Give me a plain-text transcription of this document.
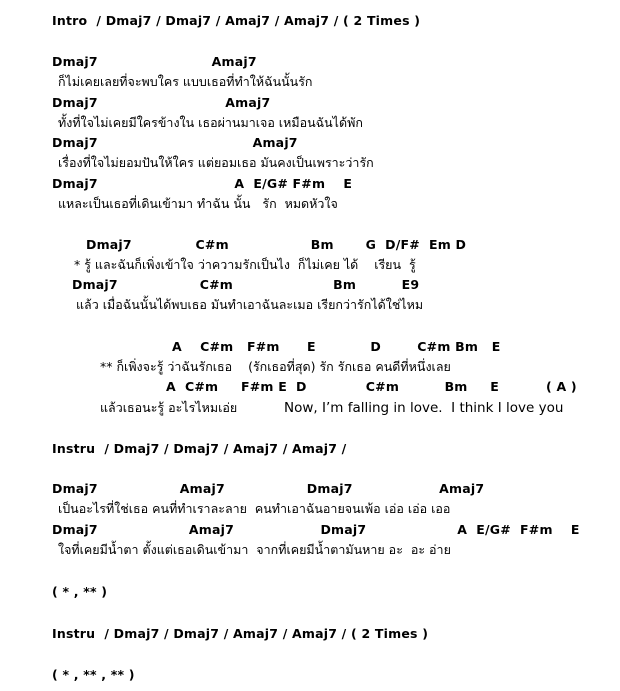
Intro  / Dmaj7 / Dmaj7 / Amaj7 / Amaj7 / ( 2 Times )
Dmaj7                         Amaj7
ก็ไม่เคยเลยที่จะพบใคร แบบเธอที่ทำให้ฉันนั้นรัก
Dmaj7                            Amaj7
ทั้งที่ใจไม่เคยมีใครข้างใน เธอผ่านมาเจอ เหมือนฉันได้พัก
Dmaj7                                  Amaj7
เรื่องที่ใจไม่ยอมปันให้ใคร แต่ยอมเธอ มันคงเป็นเพราะว่ารัก
Dmaj7                              A  E/G# F#m    E
แหละเป็นเธอที่เดินเข้ามา ทำฉัน นั้น   รัก  หมดหัวใจ
Dmaj7              C#m                  Bm       G  D/F#  Em D
* รู้ และฉันก็เพิ่งเข้าใจ ว่าความรักเป็นไง  ก็ไม่เคย ได้    เรียน  รู้
Dmaj7                  C#m                      Bm          E9
แล้ว เมื่อฉันนั้นได้พบเธอ มันทำเอาฉันละเมอ เรียกว่ารักได้ใช่ไหม
A    C#m   F#m      E            D        C#m Bm   E
** ก็เพิ่งจะรู้ ว่าฉันรักเธอ    (รักเธอที่สุด) รัก รักเธอ คนดีที่หนึ่งเลย
A  C#m     F#m E  D             C#m          Bm     E	( A )
แล้วเธอนะรู้ อะไรไหมเอ่ย	Now, I’m falling in love.  I think I love you
Instru  / Dmaj7 / Dmaj7 / Amaj7 / Amaj7 /
Dmaj7                  Amaj7                  Dmaj7                   Amaj7
เป็นอะไรที่ใช่เธอ คนที่ทำเราละลาย  คนทำเอาฉันอายจนเพ้อ เอ่อ เอ่อ เออ
Dmaj7                    Amaj7                   Dmaj7                    A  E/G#  F#m    E
ใจที่เคยมีน้ำตา ตั้งแต่เธอเดินเข้ามา  จากที่เคยมีน้ำตามันหาย อะ  อะ อ่าย
( * , ** )
Instru  / Dmaj7 / Dmaj7 / Amaj7 / Amaj7 / ( 2 Times )
( * , ** , ** )
